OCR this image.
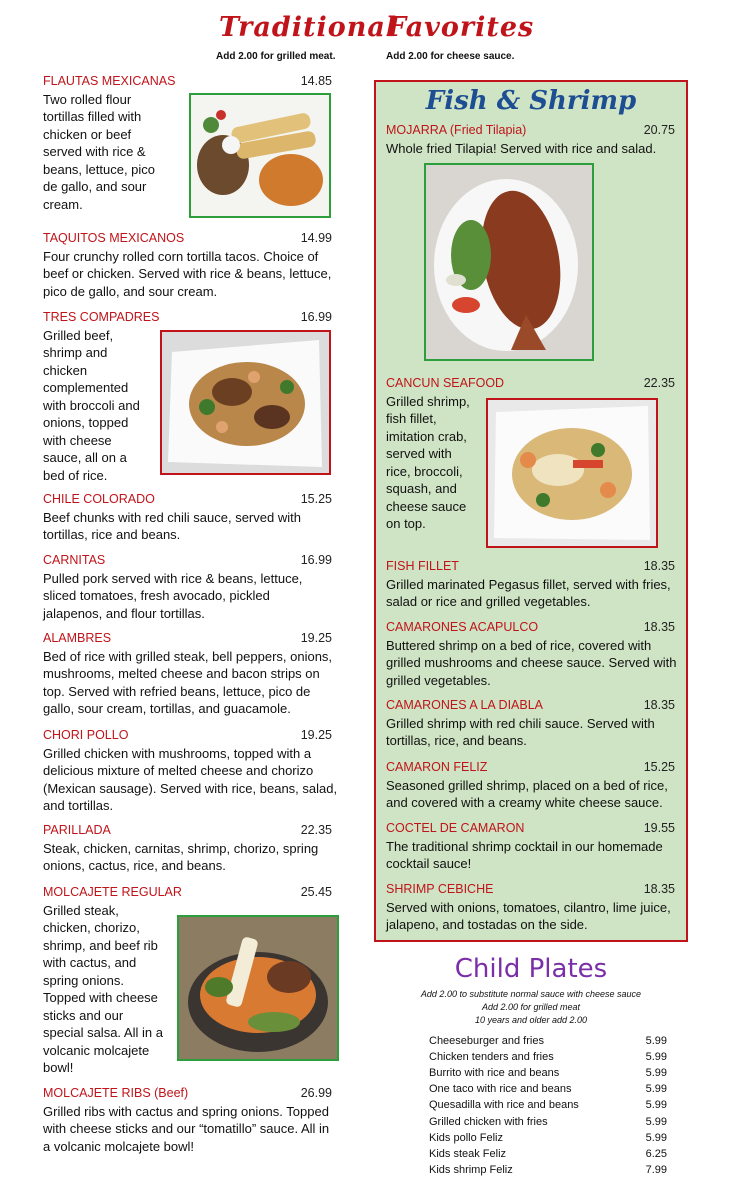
Traditional
Favorites
Add 2.00 for grilled meat.	Add 2.00 for cheese sauce.
FLAUTAS MEXICANAS	14.85
Two rolled flour
tortillas filled with
chicken or beef
served with rice &
beans, lettuce, pico
de gallo, and sour
cream.
TAQUITOS MEXICANOS	14.99
Four crunchy rolled corn tortilla tacos. Choice of
beef or chicken. Served with rice & beans, lettuce,
pico de gallo, and sour cream.
TRES COMPADRES	16.99
Grilled beef,
shrimp and
chicken
complemented
with broccoli and
onions, topped
with cheese
sauce, all on a
bed of rice.
CHILE COLORADO	15.25
Beef chunks with red chili sauce, served with
tortillas, rice and beans.
CARNITAS	16.99
Pulled pork served with rice & beans, lettuce,
sliced tomatoes, fresh avocado, pickled
jalapenos, and flour tortillas.
ALAMBRES	19.25
Bed of rice with grilled steak, bell peppers, onions,
mushrooms, melted cheese and bacon strips on
top. Served with refried beans, lettuce, pico de
gallo, sour cream, tortillas, and guacamole.
CHORI POLLO	19.25
Grilled chicken with mushrooms, topped with a
delicious mixture of melted cheese and chorizo
(Mexican sausage). Served with rice, beans, salad,
and tortillas.
PARILLADA	22.35
Steak, chicken, carnitas, shrimp, chorizo, spring
onions, cactus, rice, and beans.
MOLCAJETE REGULAR	25.45
Grilled steak,
chicken, chorizo,
shrimp, and beef rib
with cactus, and
spring onions.
Topped with cheese
sticks and our
special salsa. All in a
volcanic molcajete
bowl!
MOLCAJETE RIBS (Beef)	26.99
Grilled ribs with cactus and spring onions. Topped
with cheese sticks and our “tomatillo” sauce. All in
a volcanic molcajete bowl!
Fish & Shrimp
MOJARRA (Fried Tilapia)	20.75
Whole fried Tilapia! Served with rice and salad.
CANCUN SEAFOOD	22.35
Grilled shrimp,
fish fillet,
imitation crab,
served with
rice, broccoli,
squash, and
cheese sauce
on top.
FISH FILLET	18.35
Grilled marinated Pegasus fillet, served with fries,
salad or rice and grilled vegetables.
CAMARONES ACAPULCO	18.35
Buttered shrimp on a bed of rice, covered with
grilled mushrooms and cheese sauce. Served with
grilled vegetables.
CAMARONES A LA DIABLA	18.35
Grilled shrimp with red chili sauce. Served with
tortillas, rice, and beans.
CAMARON FELIZ	15.25
Seasoned grilled shrimp, placed on a bed of rice,
and covered with a creamy white cheese sauce.
COCTEL DE CAMARON	19.55
The traditional shrimp cocktail in our homemade
cocktail sauce!
SHRIMP CEBICHE	18.35
Served with onions, tomatoes, cilantro, lime juice,
jalapeno, and tostadas on the side.
Child Plates
Add 2.00 to substitute normal sauce with cheese sauce
Add 2.00 for grilled meat
10 years and older add 2.00
Cheeseburger and fries	5.99
Chicken tenders and fries	5.99
Burrito with rice and beans	5.99
One taco with rice and beans	5.99
Quesadilla with rice and beans	5.99
Grilled chicken with fries	5.99
Kids pollo Feliz	5.99
Kids steak Feliz	6.25
Kids shrimp Feliz	7.99
